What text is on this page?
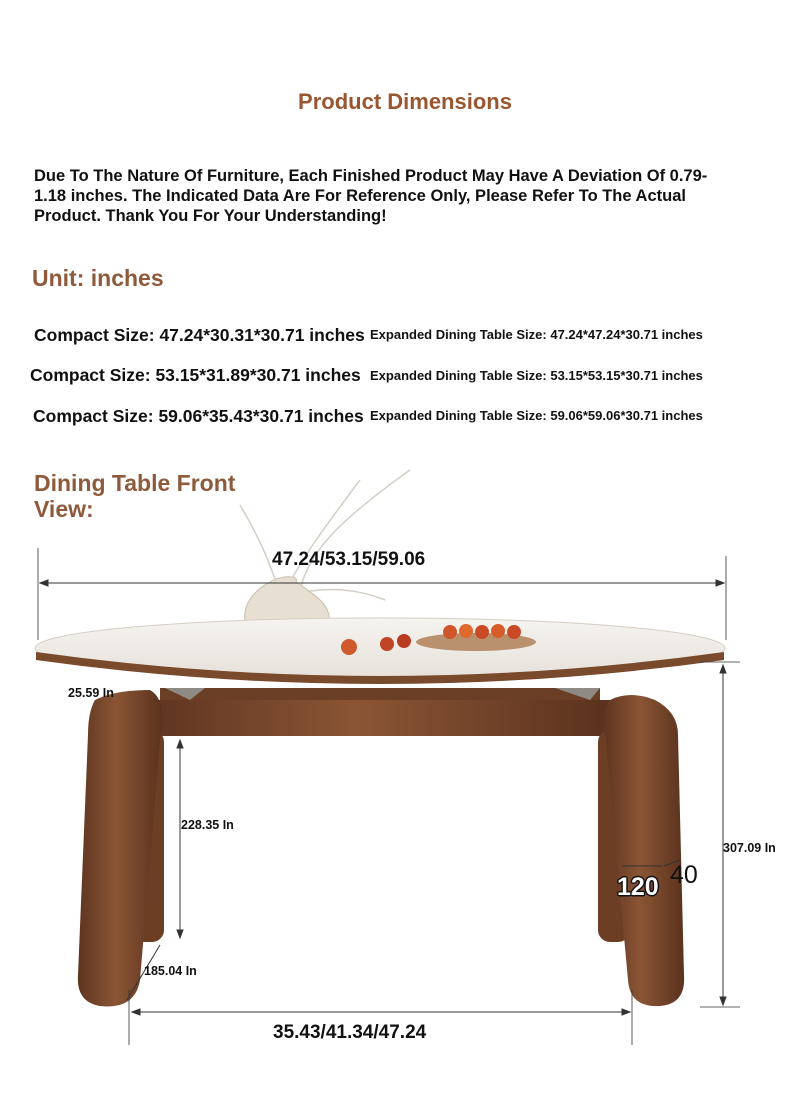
Product Dimensions
Due To The Nature Of Furniture, Each Finished Product May Have A Deviation Of 0.79-1.18 inches. The Indicated Data Are For Reference Only, Please Refer To The Actual Product. Thank You For Your Understanding!
Unit: inches
Compact Size: 47.24*30.31*30.71 inches Expanded Dining Table Size: 47.24*47.24*30.71 inches
Compact Size: 53.15*31.89*30.71 inches Expanded Dining Table Size: 53.15*53.15*30.71 inches
Compact Size: 59.06*35.43*30.71 inches Expanded Dining Table Size: 59.06*59.06*30.71 inches
Dining Table Front View:
47.24/53.15/59.06
25.59 In
228.35 In
307.09 In
120 40
185.04 In
35.43/41.34/47.24
